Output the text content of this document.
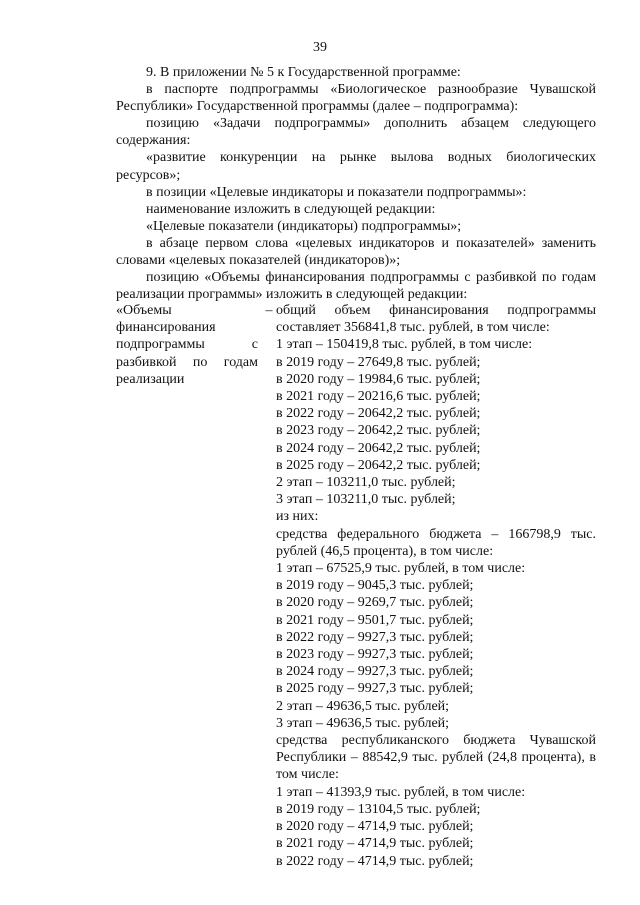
39

9. В приложении № 5 к Государственной программе:

в паспорте подпрограммы «Биологическое разнообразие Чувашской Республики» Государственной программы (далее – подпрограмма):

позицию «Задачи подпрограммы» дополнить абзацем следующего содержания:

«развитие конкуренции на рынке вылова водных биологических ресурсов»;

в позиции «Целевые индикаторы и показатели подпрограммы»:

наименование изложить в следующей редакции:

«Целевые показатели (индикаторы) подпрограммы»;

в абзаце первом слова «целевых индикаторов и показателей» заменить словами «целевых показателей (индикаторов)»;

позицию «Объемы финансирования подпрограммы с разбивкой по годам реализации программы» изложить в следующей редакции:

«Объемы финансирования подпрограммы с разбивкой по годам реализации
– общий объем финансирования подпрограммы составляет 356841,8 тыс. рублей, в том числе:

1 этап – 150419,8 тыс. рублей, в том числе:

в 2019 году – 27649,8 тыс. рублей;

в 2020 году – 19984,6 тыс. рублей;

в 2021 году – 20216,6 тыс. рублей;

в 2022 году – 20642,2 тыс. рублей;

в 2023 году – 20642,2 тыс. рублей;

в 2024 году – 20642,2 тыс. рублей;

в 2025 году – 20642,2 тыс. рублей;

2 этап – 103211,0 тыс. рублей;

3 этап – 103211,0 тыс. рублей;

из них:

средства федерального бюджета – 166798,9 тыс. рублей (46,5 процента), в том числе:

1 этап – 67525,9 тыс. рублей, в том числе:

в 2019 году – 9045,3 тыс. рублей;

в 2020 году – 9269,7 тыс. рублей;

в 2021 году – 9501,7 тыс. рублей;

в 2022 году – 9927,3 тыс. рублей;

в 2023 году – 9927,3 тыс. рублей;

в 2024 году – 9927,3 тыс. рублей;

в 2025 году – 9927,3 тыс. рублей;

2 этап – 49636,5 тыс. рублей;

3 этап – 49636,5 тыс. рублей;

средства республиканского бюджета Чувашской Республики – 88542,9 тыс. рублей (24,8 процента), в том числе:

1 этап – 41393,9 тыс. рублей, в том числе:

в 2019 году – 13104,5 тыс. рублей;

в 2020 году – 4714,9 тыс. рублей;

в 2021 году – 4714,9 тыс. рублей;

в 2022 году – 4714,9 тыс. рублей;
